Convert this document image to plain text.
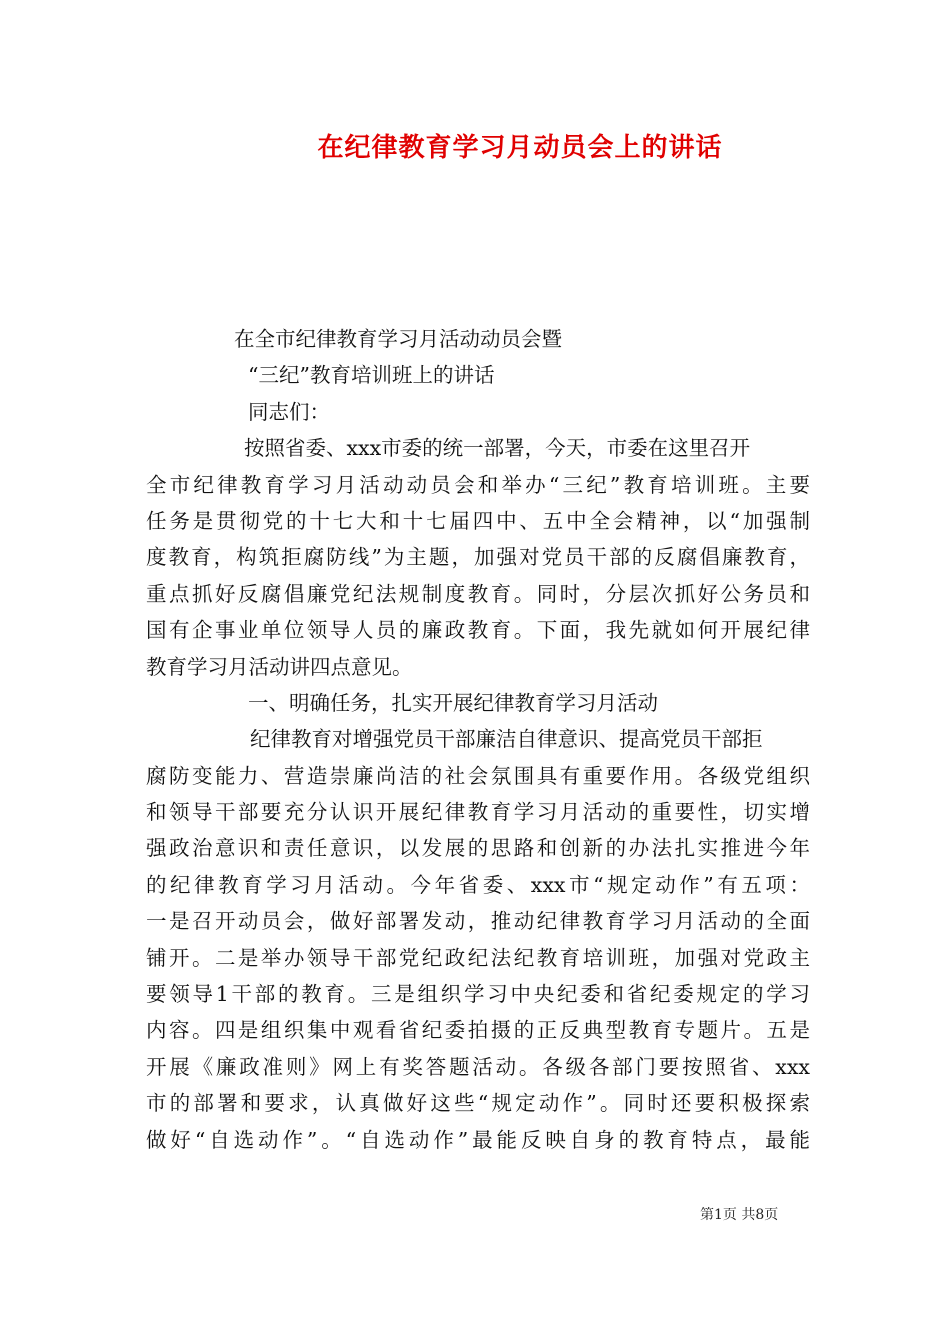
在纪律教育学习月动员会上的讲话
在全市纪律教育学习月活动动员会暨
“三纪”教育培训班上的讲话
同志们：
按照省委、xxx市委的统一部署，今天，市委在这里召开
全市纪律教育学习月活动动员会和举办“三纪”教育培训班。主要
任务是贯彻党的十七大和十七届四中、五中全会精神，以“加强制
度教育，构筑拒腐防线”为主题，加强对党员干部的反腐倡廉教育，
重点抓好反腐倡廉党纪法规制度教育。同时，分层次抓好公务员和
国有企事业单位领导人员的廉政教育。下面，我先就如何开展纪律
教育学习月活动讲四点意见。
一、明确任务，扎实开展纪律教育学习月活动
纪律教育对增强党员干部廉洁自律意识、提高党员干部拒
腐防变能力、营造崇廉尚洁的社会氛围具有重要作用。各级党组织
和领导干部要充分认识开展纪律教育学习月活动的重要性，切实增
强政治意识和责任意识，以发展的思路和创新的办法扎实推进今年
的纪律教育学习月活动。今年省委、xxx市“规定动作”有五项：
一是召开动员会，做好部署发动，推动纪律教育学习月活动的全面
铺开。二是举办领导干部党纪政纪法纪教育培训班，加强对党政主
要领导1干部的教育。三是组织学习中央纪委和省纪委规定的学习
内容。四是组织集中观看省纪委拍摄的正反典型教育专题片。五是
开展《廉政准则》网上有奖答题活动。各级各部门要按照省、xxx
市的部署和要求，认真做好这些“规定动作”。同时还要积极探索
做好“自选动作”。“自选动作”最能反映自身的教育特点，最能
第1页 共8页
